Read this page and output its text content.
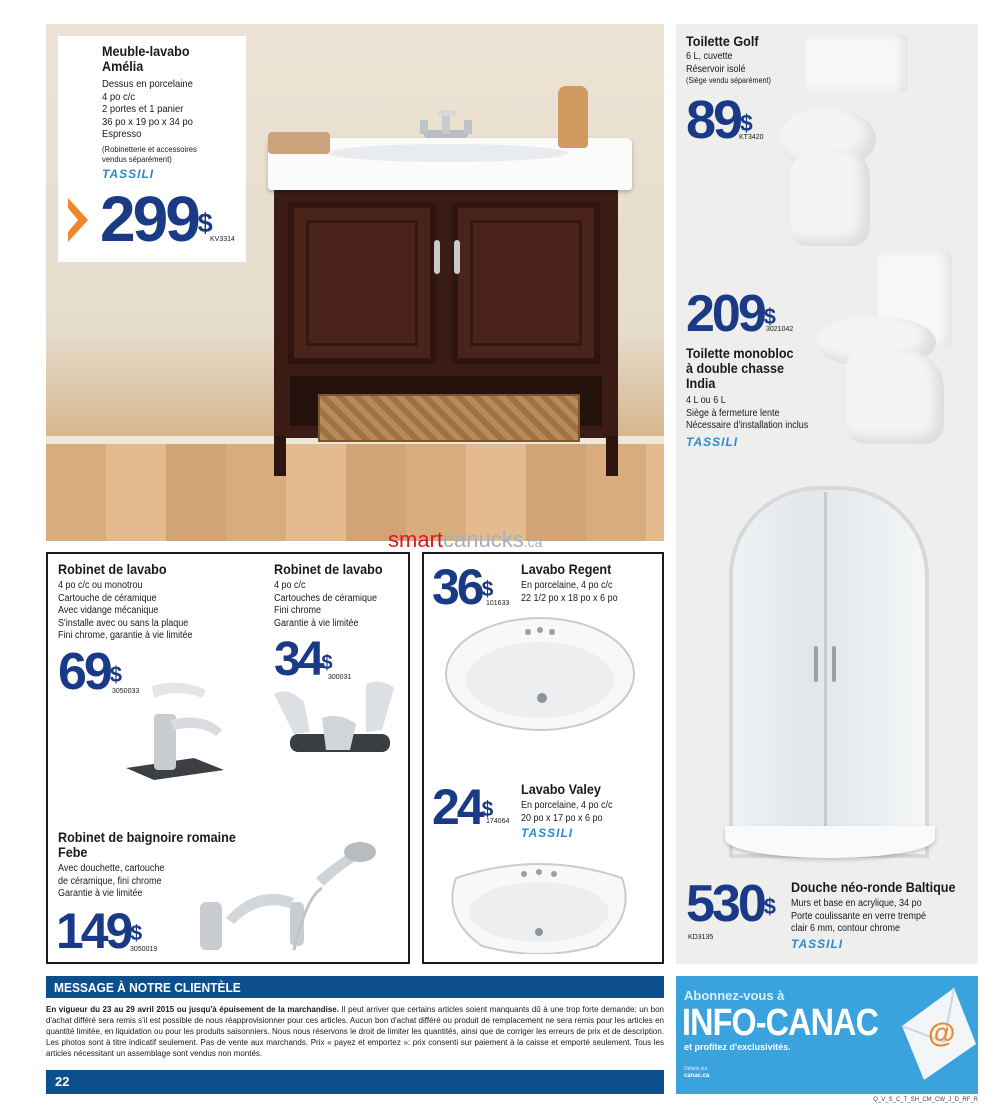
Meuble-lavabo
Amélia
Dessus en porcelaine
4 po c/c
2 portes et 1 panier
36 po x 19 po x 34 po
Espresso
(Robinetterie et accessoires
vendus séparément)
TASSILI
299$
KV3314
Toilette Golf
6 L, cuvette
Réservoir isolé
(Siège vendu séparément)
89$
KT3420
209$
3021042
Toilette monobloc
à double chasse
India
4 L ou 6 L
Siège à fermeture lente
Nécessaire d'installation inclus
TASSILI
530$
KD3135
Douche néo-ronde Baltique
Murs et base en acrylique, 34 po
Porte coulissante en verre trempé
clair 6 mm, contour chrome
TASSILI
Robinet de lavabo
4 po c/c ou monotrou
Cartouche de céramique
Avec vidange mécanique
S'installe avec ou sans la plaque
Fini chrome, garantie à vie limitée
69$
3050033
Robinet de lavabo
4 po c/c
Cartouches de céramique
Fini chrome
Garantie à vie limitée
34$
300031
Robinet de baignoire romaine
Febe
Avec douchette, cartouche
de céramique, fini chrome
Garantie à vie limitée
149$
3050019
36$
101633
Lavabo Regent
En porcelaine, 4 po c/c
22 1/2 po x 18 po x 6 po
24$
174064
Lavabo Valey
En porcelaine, 4 po c/c
20 po x 17 po x 6 po
TASSILI
smartcanucks.ca
MESSAGE À NOTRE CLIENTÈLE
En vigueur du 23 au 29 avril 2015 ou jusqu'à épuisement de la marchandise. Il peut arriver que certains articles soient manquants dû à une trop forte demande: un bon d'achat différé sera remis s'il est possible de nous réapprovisionner pour ces articles. Aucun bon d'achat différé ou produit de remplacement ne sera remis pour les articles en quantité limitée, en liquidation ou pour les produits saisonniers. Nous nous réservons le droit de limiter les quantités, ainsi que de corriger les erreurs de prix et de description. Les photos sont à titre indicatif seulement. Pas de vente aux marchands. Prix « payez et emportez »: prix consenti sur paiement à la caisse et emporté seulement. Tous les articles nécessitant un assemblage sont vendus non montés.
22
Abonnez-vous à
INFO-CANAC
et profitez d'exclusivités.
Détails sur
canac.ca
@
Q_V_S_C_T_SH_CM_CW_J_D_RF_R
